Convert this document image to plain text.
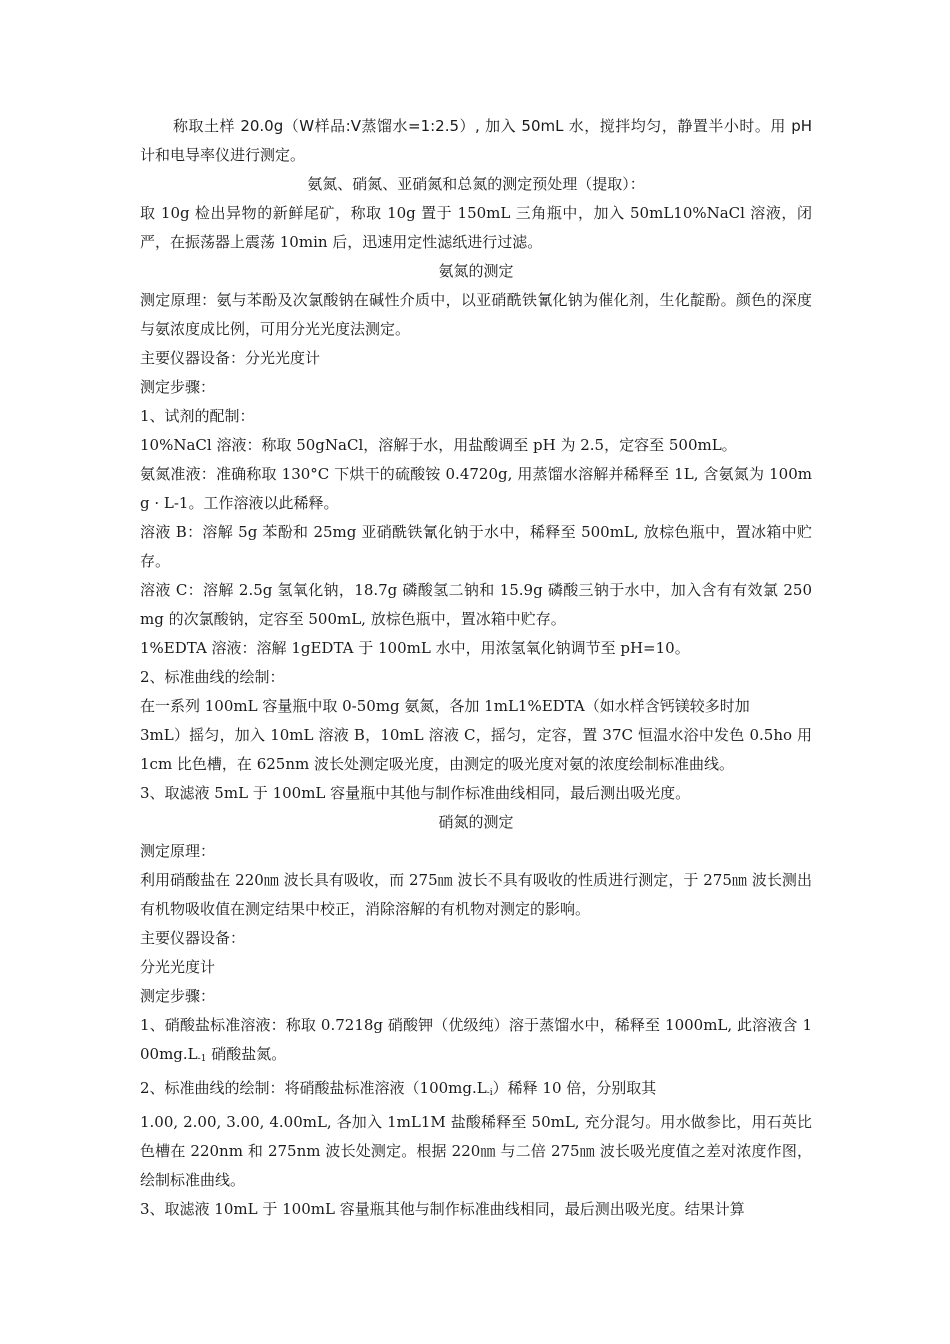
称取土样 20.0g（W样品:V蒸馏水=1:2.5）, 加入 50mL 水，搅拌均匀，静置半小时。用 pH 计和电导率仪进行测定。

氨氮、硝氮、亚硝氮和总氮的测定预处理（提取）：

取 10g 检出异物的新鲜尾矿，称取 10g 置于 150mL 三角瓶中，加入 50mL10%NaCl 溶液，闭严，在振荡器上震荡 10min 后，迅速用定性滤纸进行过滤。

氨氮的测定

测定原理：氨与苯酚及次氯酸钠在碱性介质中，以亚硝酰铁氰化钠为催化剂，生化靛酚。颜色的深度与氨浓度成比例，可用分光光度法测定。

主要仪器设备：分光光度计

测定步骤：

1、试剂的配制：

10%NaCl 溶液：称取 50gNaCl，溶解于水，用盐酸调至 pH 为 2.5，定容至 500mL。

氨氮准液：准确称取 130°C 下烘干的硫酸铵 0.4720g, 用蒸馏水溶解并稀释至 1L, 含氨氮为 100mg · L-1。工作溶液以此稀释。

溶液 B：溶解 5g 苯酚和 25mg 亚硝酰铁氰化钠于水中，稀释至 500mL, 放棕色瓶中，置冰箱中贮存。

溶液 C：溶解 2.5g 氢氧化钠，18.7g 磷酸氢二钠和 15.9g 磷酸三钠于水中，加入含有有效氯 250mg 的次氯酸钠，定容至 500mL, 放棕色瓶中，置冰箱中贮存。

1%EDTA 溶液：溶解 1gEDTA 于 100mL 水中，用浓氢氧化钠调节至 pH=10。

2、标准曲线的绘制：

在一系列 100mL 容量瓶中取 0-50mg 氨氮，各加 1mL1%EDTA（如水样含钙镁较多时加

3mL）摇匀，加入 10mL 溶液 B，10mL 溶液 C，摇匀，定容，置 37C 恒温水浴中发色 0.5hο 用 1cm 比色槽，在 625nm 波长处测定吸光度，由测定的吸光度对氨的浓度绘制标准曲线。

3、取滤液 5mL 于 100mL 容量瓶中其他与制作标准曲线相同，最后测出吸光度。

硝氮的测定

测定原理：

利用硝酸盐在 220㎚ 波长具有吸收，而 275㎚ 波长不具有吸收的性质进行测定，于 275㎚ 波长测出有机物吸收值在测定结果中校正，消除溶解的有机物对测定的影响。

主要仪器设备：

分光光度计

测定步骤：

1、硝酸盐标准溶液：称取 0.7218g 硝酸钾（优级纯）溶于蒸馏水中，稀释至 1000mL, 此溶液含 $100mg.L_{-1}$ 硝酸盐氮。

2、标准曲线的绘制：将硝酸盐标准溶液$(100mg.L_{-i})$稀释 10 倍，分别取其

1.00, 2.00, 3.00, 4.00mL, 各加入 1mL1M 盐酸稀释至 50mL, 充分混匀。用水做参比，用石英比色槽在 220nm 和 275nm 波长处测定。根据 220㎚ 与二倍 275㎚ 波长吸光度值之差对浓度作图，绘制标准曲线。

3、取滤液 10mL 于 100mL 容量瓶其他与制作标准曲线相同，最后测出吸光度。结果计算
